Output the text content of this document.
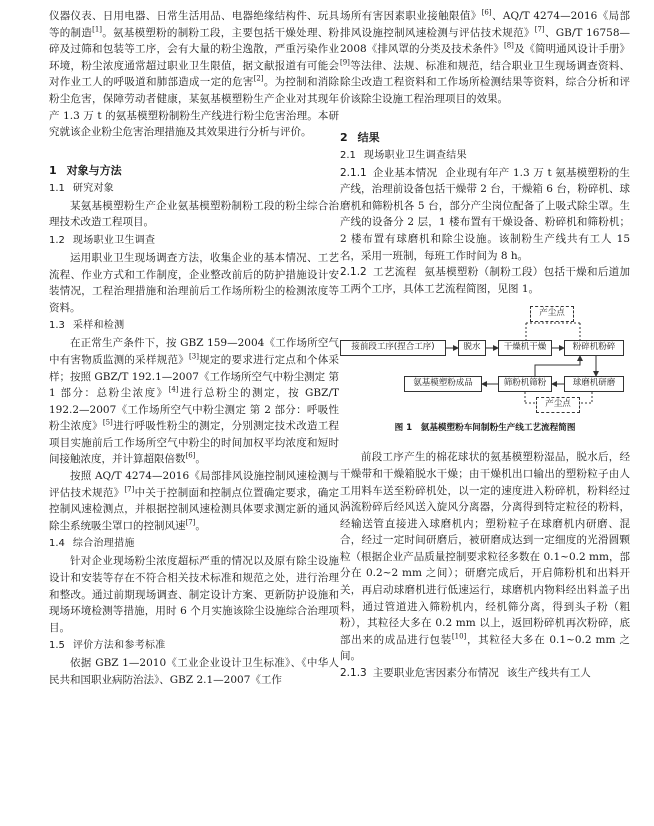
仪器仪表、日用电器、日常生活用品、电器绝缘结构件、玩具等的制造[1]。氨基模塑粉的制粉工段，主要包括干燥处理、粉碎及过筛和包装等工序，会有大量的粉尘逸散，严重污染作业环境，粉尘浓度通常超过职业卫生限值，据文献报道有可能会对作业工人的呼吸道和肺部造成一定的危害[2]。为控制和消除粉尘危害，保障劳动者健康，某氨基模塑粉生产企业对其现年产 1.3 万 t 的氨基模塑粉制粉生产线进行粉尘危害治理。本研究就该企业粉尘危害治理措施及其效果进行分析与评价。

1 对象与方法
1.1 研究对象

某氨基模塑粉生产企业氨基模塑粉制粉工段的粉尘综合治理技术改造工程项目。

1.2 现场职业卫生调查

运用职业卫生现场调查方法，收集企业的基本情况、工艺流程、作业方式和工作制度，企业整改前后的防护措施设计安装情况，工程治理措施和治理前后工作场所粉尘的检测浓度等资料。

1.3 采样和检测

在正常生产条件下，按 GBZ 159—2004《工作场所空气中有害物质监测的采样规范》[3]规定的要求进行定点和个体采样；按照 GBZ/T 192.1—2007《工作场所空气中粉尘测定 第 1 部分：总粉尘浓度》[4]进行总粉尘的测定，按 GBZ/T 192.2—2007《工作场所空气中粉尘测定 第 2 部分：呼吸性粉尘浓度》[5]进行呼吸性粉尘的测定，分别测定技术改造工程项目实施前后工作场所空气中粉尘的时间加权平均浓度和短时间接触浓度，并计算超限倍数[6]。

按照 AQ/T 4274—2016《局部排风设施控制风速检测与评估技术规范》[7]中关于控制面和控制点位置确定要求，确定控制风速检测点，并根据控制风速检测具体要求测定新的通风除尘系统吸尘罩口的控制风速[7]。

1.4 综合治理措施

针对企业现场粉尘浓度超标严重的情况以及原有除尘设施设计和安装等存在不符合相关技术标准和规范之处，进行治理和整改。通过前期现场调查、制定设计方案、更新防护设施和现场环境检测等措施，用时 6 个月实施该除尘设施综合治理项目。

1.5 评价方法和参考标准

依据 GBZ 1—2010《工业企业设计卫生标准》、《中华人民共和国职业病防治法》、GBZ 2.1—2007《工作

场所有害因素职业接触限值》[6]、AQ/T 4274—2016《局部排风设施控制风速检测与评估技术规范》[7]、GB/T 16758—2008《排风罩的分类及技术条件》[8]及《简明通风设计手册》[9]等法律、法规、标准和规范，结合职业卫生现场调查资料、除尘改造工程资料和工作场所检测结果等资料，综合分析和评价该除尘设施工程治理项目的效果。

2 结果
2.1 现场职业卫生调查结果

2.1.1 企业基本情况 企业现有年产 1.3 万 t 氨基模塑粉的生产线，治理前设备包括干燥带 2 台，干燥箱 6 台，粉碎机、球磨机和筛粉机各 5 台，部分产尘岗位配备了上吸式除尘罩。生产线的设备分 2 层，1 楼布置有干燥设备、粉碎机和筛粉机；2 楼布置有球磨机和除尘设施。该制粉生产线共有工人 15 名，采用一班制，每班工作时间为 8 h。

2.1.2 工艺流程 氨基模塑粉（制粉工段）包括干燥和后道加工两个工序，具体工艺流程简图，见图 1。

产尘点
接前段工序(捏合工序)	脱水	干燥机干燥	粉碎机粉碎
氨基模塑粉成品	筛粉机筛粉	球磨机研磨
产尘点
图 1　氨基模塑粉车间制粉生产线工艺流程简图

前段工序产生的棉花球状的氨基模塑粉湿品，脱水后，经干燥带和干燥箱脱水干燥；由干燥机出口输出的塑粉粒子由人工用料车送至粉碎机处，以一定的速度进入粉碎机，粉料经过涡流粉碎后经风送入旋风分离器，分离得到特定粒径的粉料，经输送管直接进入球磨机内；塑粉粒子在球磨机内研磨、混合，经过一定时间研磨后，被研磨成达到一定细度的光滑圆颗粒（根据企业产品质量控制要求粒径多数在 0.1~0.2 mm，部分在 0.2~2 mm 之间）；研磨完成后，开启筛粉机和出料开关，再启动球磨机进行低速运行，球磨机内物料经出料盖子出料，通过管道进入筛粉机内，经机筛分离，得到头子粉（粗粉），其粒径大多在 0.2 mm 以上，返回粉碎机再次粉碎，底部出来的成品进行包装[10]，其粒径大多在 0.1~0.2 mm 之间。

2.1.3 主要职业危害因素分布情况 该生产线共有工人
